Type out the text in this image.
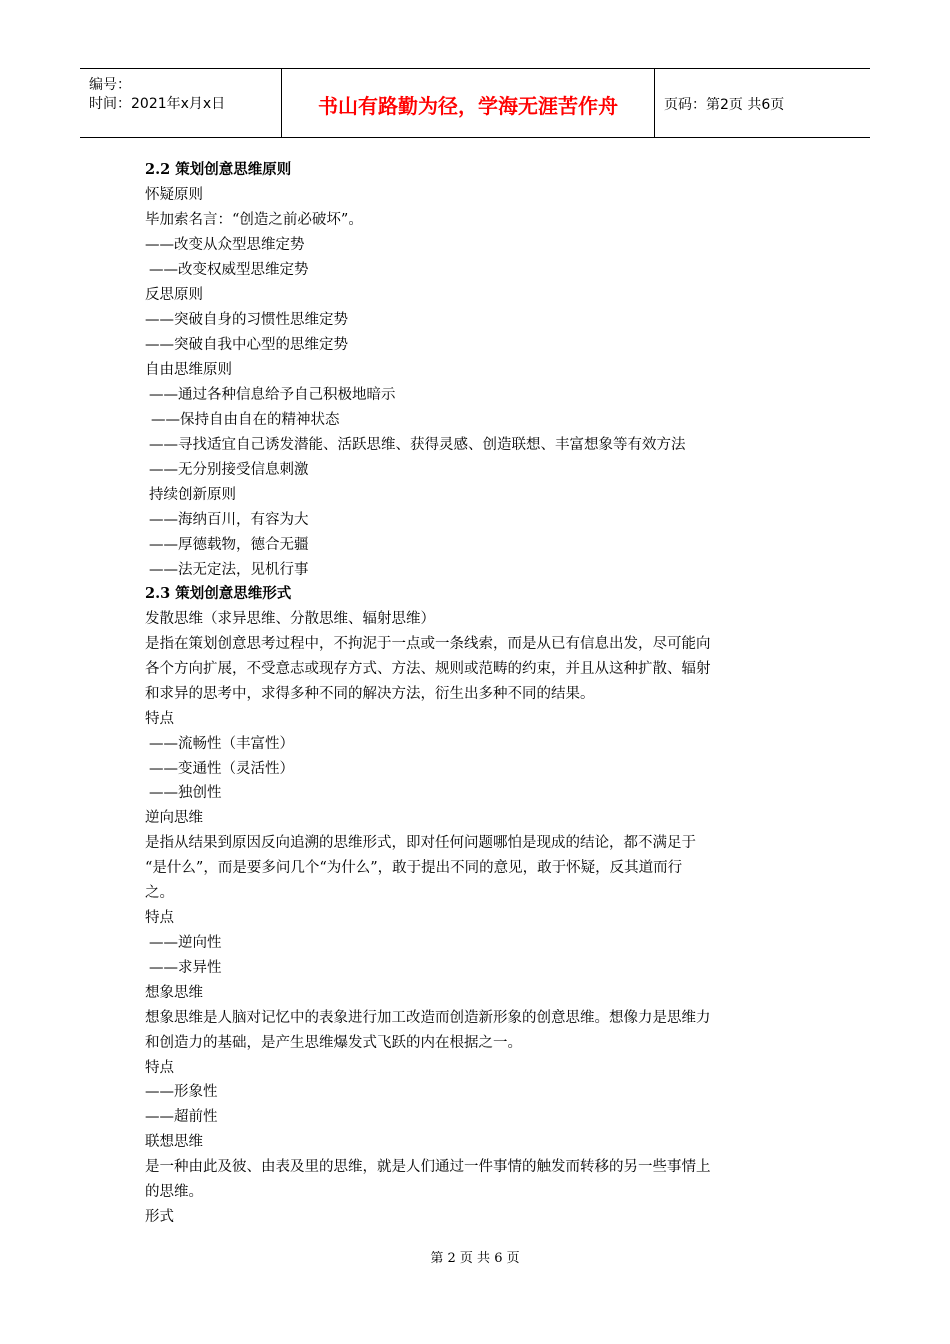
编号：
时间：2021年x月x日	书山有路勤为径，学海无涯苦作舟	页码：第2页 共6页
2.2 策划创意思维原则
怀疑原则
毕加索名言：“创造之前必破坏”。
——改变从众型思维定势
——改变权威型思维定势
反思原则
——突破自身的习惯性思维定势
——突破自我中心型的思维定势
自由思维原则
——通过各种信息给予自己积极地暗示
——保持自由自在的精神状态
——寻找适宜自己诱发潜能、活跃思维、获得灵感、创造联想、丰富想象等有效方法
——无分别接受信息刺激
持续创新原则
——海纳百川，有容为大
——厚德载物，德合无疆
——法无定法，见机行事
2.3 策划创意思维形式
发散思维（求异思维、分散思维、辐射思维）
是指在策划创意思考过程中，不拘泥于一点或一条线索，而是从已有信息出发，尽可能向
各个方向扩展，不受意志或现存方式、方法、规则或范畴的约束，并且从这种扩散、辐射
和求异的思考中，求得多种不同的解决方法，衍生出多种不同的结果。
特点
——流畅性（丰富性）
——变通性（灵活性）
——独创性
逆向思维
是指从结果到原因反向追溯的思维形式，即对任何问题哪怕是现成的结论，都不满足于
“是什么”，而是要多问几个“为什么”，敢于提出不同的意见，敢于怀疑，反其道而行
之。
特点
——逆向性
——求异性
想象思维
想象思维是人脑对记忆中的表象进行加工改造而创造新形象的创意思维。想像力是思维力
和创造力的基础，是产生思维爆发式飞跃的内在根据之一。
特点
——形象性
——超前性
联想思维
是一种由此及彼、由表及里的思维，就是人们通过一件事情的触发而转移的另一些事情上
的思维。
形式
第 2 页 共 6 页
